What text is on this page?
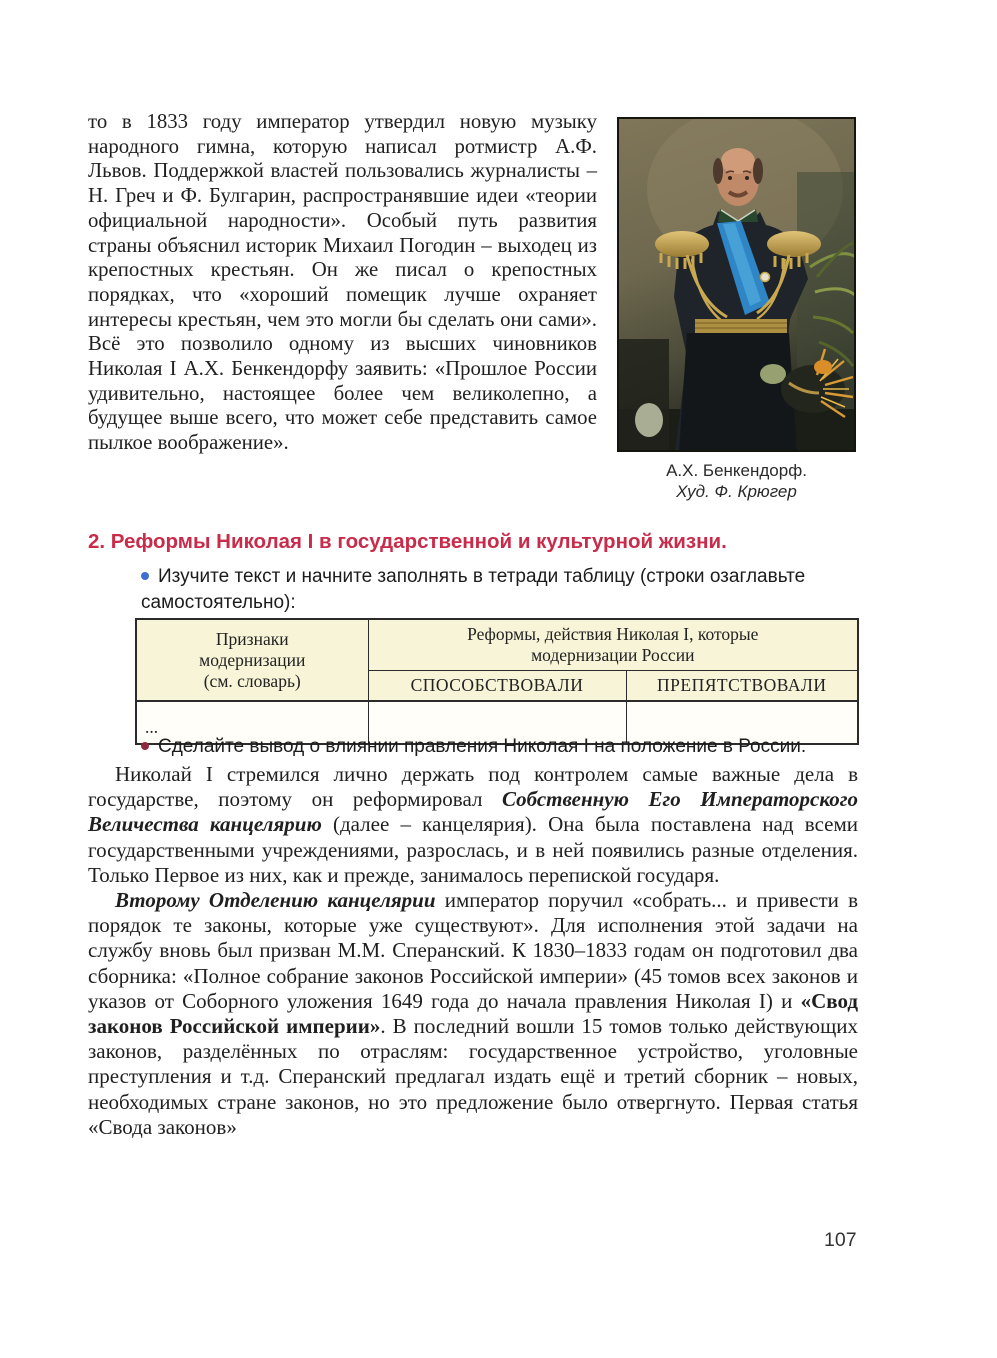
то в 1833 году император утвердил новую музыку народного гимна, которую написал ротмистр А.Ф. Львов. Поддержкой властей пользовались журналисты – Н. Греч и Ф. Булгарин, распространявшие идеи «теории официальной народности». Особый путь развития страны объяснил историк Михаил Погодин – выходец из крепостных крестьян. Он же писал о крепостных порядках, что «хороший помещик лучше охраняет интересы крестьян, чем это могли бы сделать они сами». Всё это позволило одному из высших чиновников Николая I А.Х. Бенкендорфу заявить: «Прошлое России удивительно, настоящее более чем великолепно, а будущее выше всего, что может себе представить самое пылкое воображение».
А.Х. Бенкендорф.
Худ. Ф. Крюгер
2. Реформы Николая I в государственной и культурной жизни.
Изучите текст и начните заполнять в тетради таблицу (строки озаглавьте самостоятельно):
Признаки
модернизации
(см. словарь)

Реформы, действия Николая I, которые
модернизации России

	СПОСОБСТВОВАЛИ	ПРЕПЯТСТВОВАЛИ
...		
Сделайте вывод о влиянии правления Николая I на положение в России.

Николай I стремился лично держать под контролем самые важные дела в государстве, поэтому он реформировал Собственную Его Императорского Величества канцелярию (далее – канцелярия). Она была поставлена над всеми государственными учреждениями, разрослась, и в ней появились разные отделения. Только Первое из них, как и прежде, занималось перепиской государя.

Второму Отделению канцелярии император поручил «собрать... и привести в порядок те законы, которые уже существуют». Для исполнения этой задачи на службу вновь был призван М.М. Сперанский. К 1830–1833 годам он подготовил два сборника: «Полное собрание законов Российской империи» (45 томов всех законов и указов от Соборного уложения 1649 года до начала правления Николая I) и «Свод законов Российской империи». В последний вошли 15 томов только действующих законов, разделённых по отраслям: государственное устройство, уголовные преступления и т.д. Сперанский предлагал издать ещё и третий сборник – новых, необходимых стране законов, но это предложение было отвергнуто. Первая статья «Свода законов»

107
